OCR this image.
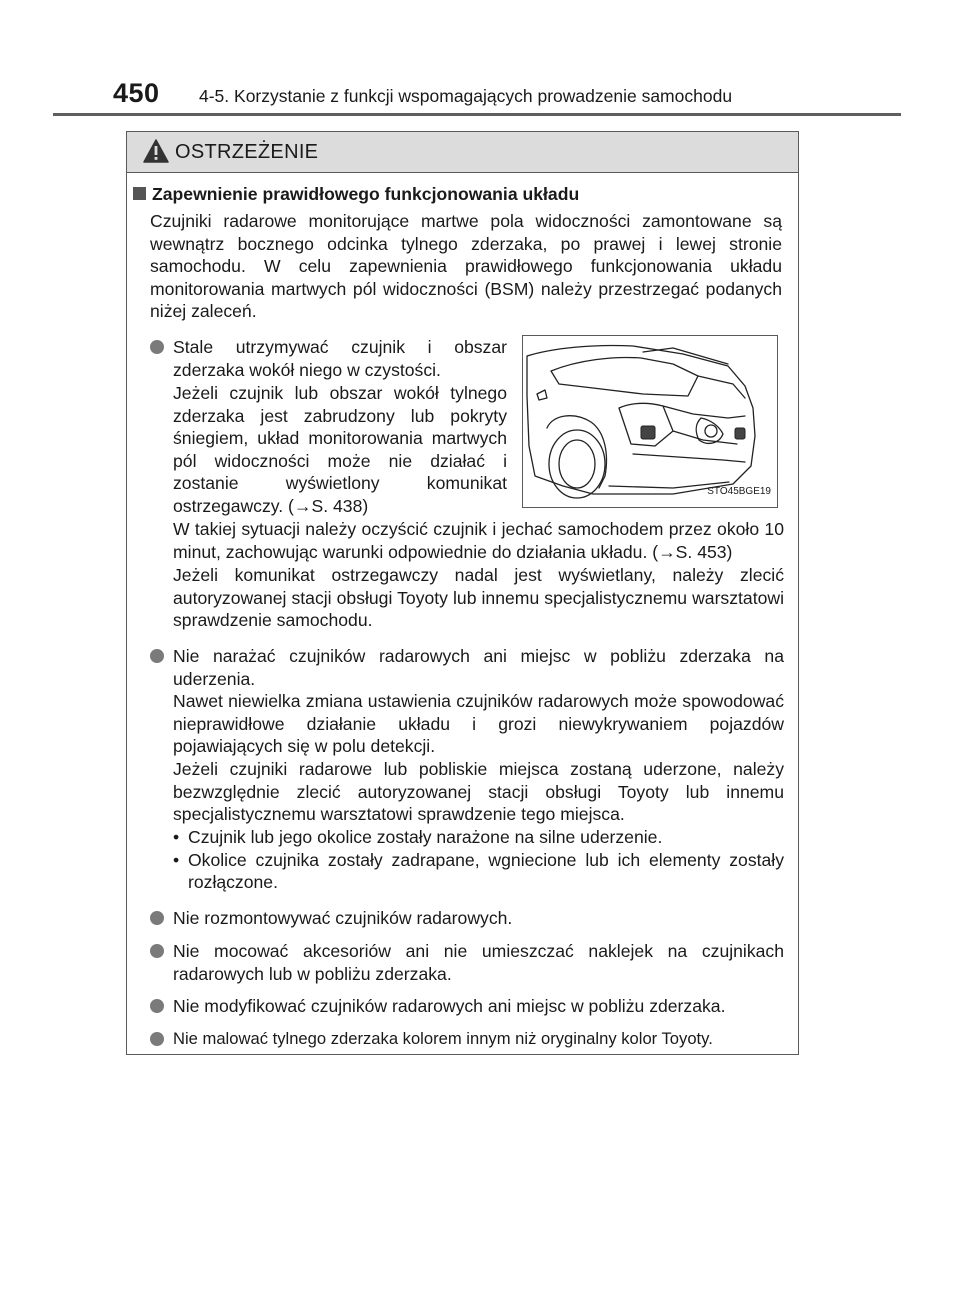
450 4-5. Korzystanie z funkcji wspomagających prowadzenie samochodu
OSTRZEŻENIE
Zapewnienie prawidłowego funkcjonowania układu
Czujniki radarowe monitorujące martwe pola widoczności zamontowane są wewnątrz bocznego odcinka tylnego zderzaka, po prawej i lewej stronie samochodu. W celu zapewnienia prawidłowego funkcjonowania układu monitorowania martwych pól widoczności (BSM) należy przestrzegać podanych niżej zaleceń.
Stale utrzymywać czujnik i obszar zderzaka wokół niego w czystości.
Jeżeli czujnik lub obszar wokół tylnego zderzaka jest zabrudzony lub pokryty śniegiem, układ monitorowania martwych pól widoczności może nie działać i zostanie wyświetlony komunikat ostrzegawczy. (→S. 438)
W takiej sytuacji należy oczyścić czujnik i jechać samochodem przez około 10 minut, zachowując warunki odpowiednie do działania układu. (→S. 453)
Jeżeli komunikat ostrzegawczy nadal jest wyświetlany, należy zlecić autoryzowanej stacji obsługi Toyoty lub innemu specjalistycznemu warsztatowi sprawdzenie samochodu.
STO45BGE19
Nie narażać czujników radarowych ani miejsc w pobliżu zderzaka na uderzenia.
Nawet niewielka zmiana ustawienia czujników radarowych może spowodować nieprawidłowe działanie układu i grozi niewykrywaniem pojazdów pojawiających się w polu detekcji.
Jeżeli czujniki radarowe lub pobliskie miejsca zostaną uderzone, należy bezwzględnie zlecić autoryzowanej stacji obsługi Toyoty lub innemu specjalistycznemu warsztatowi sprawdzenie tego miejsca.
• Czujnik lub jego okolice zostały narażone na silne uderzenie.
• Okolice czujnika zostały zadrapane, wgniecione lub ich elementy zostały rozłączone.
Nie rozmontowywać czujników radarowych.
Nie mocować akcesoriów ani nie umieszczać naklejek na czujnikach radarowych lub w pobliżu zderzaka.
Nie modyfikować czujników radarowych ani miejsc w pobliżu zderzaka.
Nie malować tylnego zderzaka kolorem innym niż oryginalny kolor Toyoty.
